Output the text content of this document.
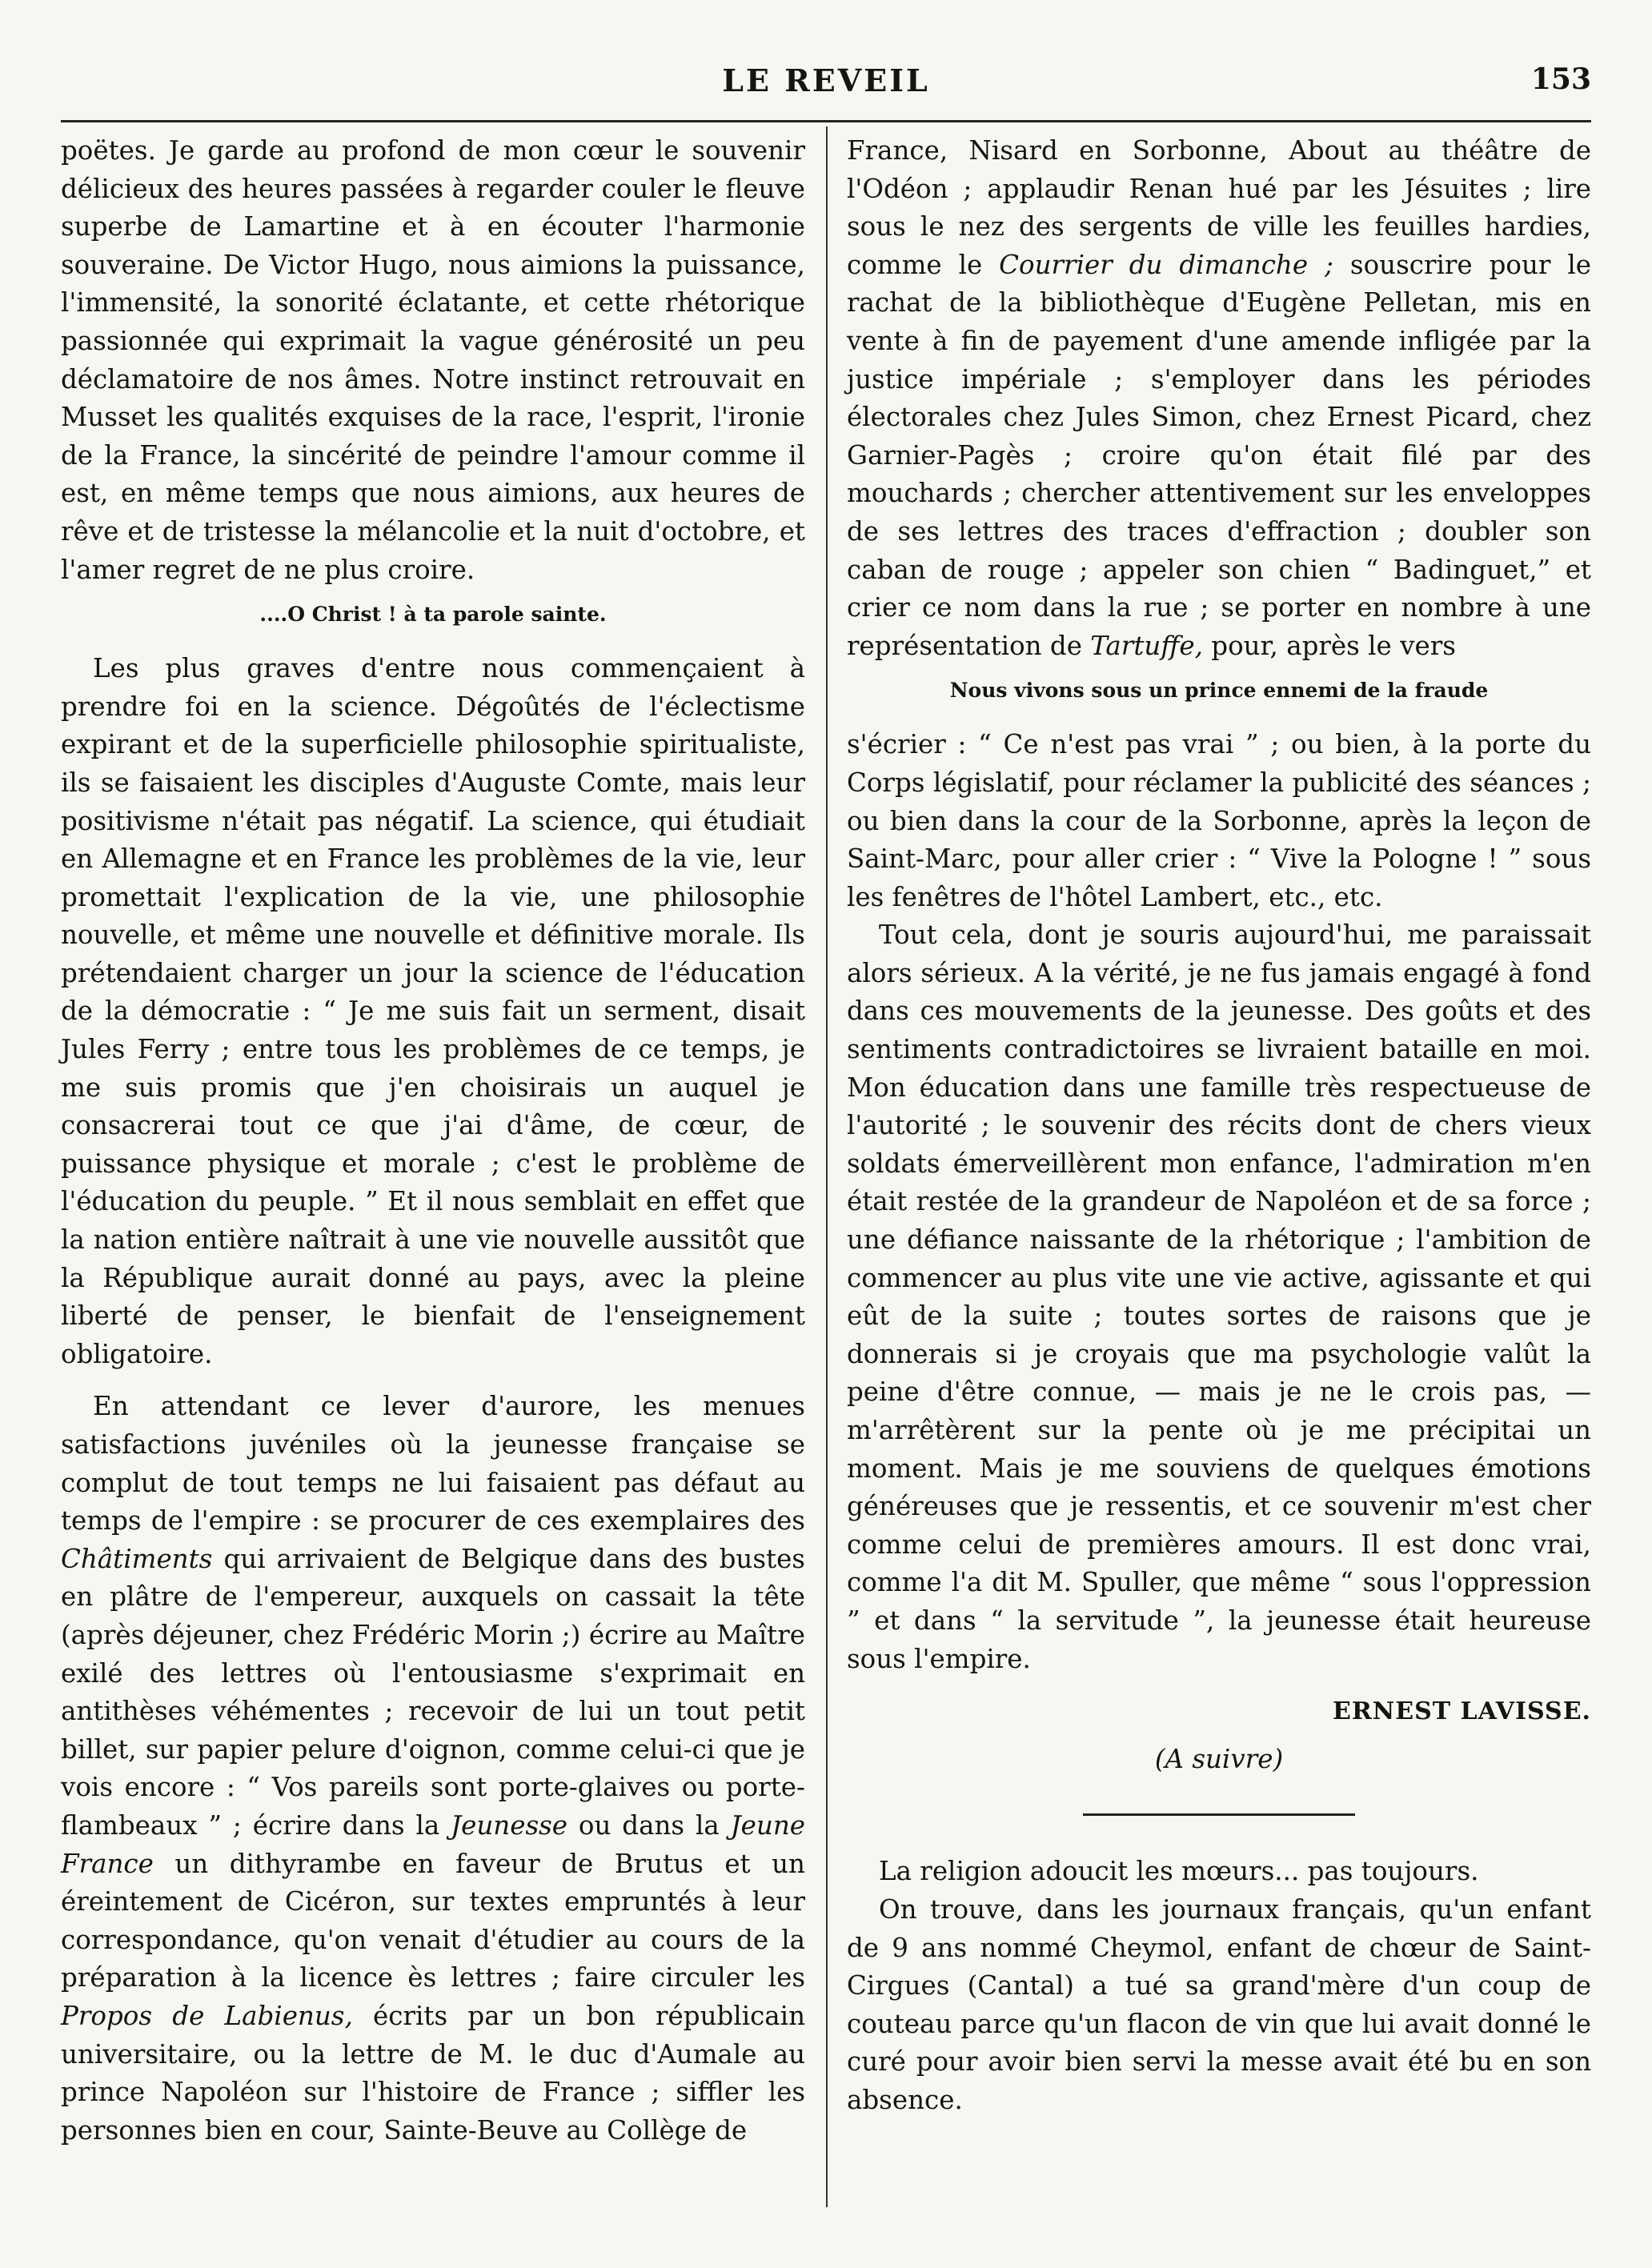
LE REVEIL	153

poëtes. Je garde au profond de mon cœur le souvenir délicieux des heures passées à regarder couler le fleuve superbe de Lamartine et à en écouter l'harmonie souveraine. De Victor Hugo, nous aimions la puissance, l'immensité, la sonorité éclatante, et cette rhétorique passionnée qui exprimait la vague générosité un peu déclamatoire de nos âmes. Notre instinct retrouvait en Musset les qualités exquises de la race, l'esprit, l'ironie de la France, la sincérité de peindre l'amour comme il est, en même temps que nous aimions, aux heures de rêve et de tristesse la mélancolie et la nuit d'octobre, et l'amer regret de ne plus croire.

....O Christ ! à ta parole sainte.

Les plus graves d'entre nous commençaient à prendre foi en la science. Dégoûtés de l'éclectisme expirant et de la superficielle philosophie spiritualiste, ils se faisaient les disciples d'Auguste Comte, mais leur positivisme n'était pas négatif. La science, qui étudiait en Allemagne et en France les problèmes de la vie, leur promettait l'explication de la vie, une philosophie nouvelle, et même une nouvelle et définitive morale. Ils prétendaient charger un jour la science de l'éducation de la démocratie : “ Je me suis fait un serment, disait Jules Ferry ; entre tous les problèmes de ce temps, je me suis promis que j'en choisirais un auquel je consacrerai tout ce que j'ai d'âme, de cœur, de puissance physique et morale ; c'est le problème de l'éducation du peuple. ” Et il nous semblait en effet que la nation entière naîtrait à une vie nouvelle aussitôt que la République aurait donné au pays, avec la pleine liberté de penser, le bienfait de l'enseignement obligatoire.

En attendant ce lever d'aurore, les menues satisfactions juvéniles où la jeunesse française se complut de tout temps ne lui faisaient pas défaut au temps de l'empire : se procurer de ces exemplaires des Châtiments qui arrivaient de Belgique dans des bustes en plâtre de l'empereur, auxquels on cassait la tête (après déjeuner, chez Frédéric Morin ;) écrire au Maître exilé des lettres où l'entousiasme s'exprimait en antithèses véhémentes ; recevoir de lui un tout petit billet, sur papier pelure d'oignon, comme celui-ci que je vois encore : “ Vos pareils sont porte-glaives ou porte-flambeaux ” ; écrire dans la Jeunesse ou dans la Jeune France un dithyrambe en faveur de Brutus et un éreintement de Cicéron, sur textes empruntés à leur correspondance, qu'on venait d'étudier au cours de la préparation à la licence ès lettres ; faire circuler les Propos de Labienus, écrits par un bon républicain universitaire, ou la lettre de M. le duc d'Aumale au prince Napoléon sur l'histoire de France ; siffler les personnes bien en cour, Sainte-Beuve au Collège de

France, Nisard en Sorbonne, About au théâtre de l'Odéon ; applaudir Renan hué par les Jésuites ; lire sous le nez des sergents de ville les feuilles hardies, comme le Courrier du dimanche ; souscrire pour le rachat de la bibliothèque d'Eugène Pelletan, mis en vente à fin de payement d'une amende infligée par la justice impériale ; s'employer dans les périodes électorales chez Jules Simon, chez Ernest Picard, chez Garnier-Pagès ; croire qu'on était filé par des mouchards ; chercher attentivement sur les enveloppes de ses lettres des traces d'effraction ; doubler son caban de rouge ; appeler son chien “ Badinguet,” et crier ce nom dans la rue ; se porter en nombre à une représentation de Tartuffe, pour, après le vers

Nous vivons sous un prince ennemi de la fraude

s'écrier : “ Ce n'est pas vrai ” ; ou bien, à la porte du Corps législatif, pour réclamer la publicité des séances ; ou bien dans la cour de la Sorbonne, après la leçon de Saint-Marc, pour aller crier : “ Vive la Pologne ! ” sous les fenêtres de l'hôtel Lambert, etc., etc.

Tout cela, dont je souris aujourd'hui, me paraissait alors sérieux. A la vérité, je ne fus jamais engagé à fond dans ces mouvements de la jeunesse. Des goûts et des sentiments contradictoires se livraient bataille en moi. Mon éducation dans une famille très respectueuse de l'autorité ; le souvenir des récits dont de chers vieux soldats émerveillèrent mon enfance, l'admiration m'en était restée de la grandeur de Napoléon et de sa force ; une défiance naissante de la rhétorique ; l'ambition de commencer au plus vite une vie active, agissante et qui eût de la suite ; toutes sortes de raisons que je donnerais si je croyais que ma psychologie valût la peine d'être connue, — mais je ne le crois pas, — m'arrêtèrent sur la pente où je me précipitai un moment. Mais je me souviens de quelques émotions généreuses que je ressentis, et ce souvenir m'est cher comme celui de premières amours. Il est donc vrai, comme l'a dit M. Spuller, que même “ sous l'oppression ” et dans “ la servitude ”, la jeunesse était heureuse sous l'empire.

ERNEST LAVISSE.

(A suivre)

La religion adoucit les mœurs... pas toujours.

On trouve, dans les journaux français, qu'un enfant de 9 ans nommé Cheymol, enfant de chœur de Saint-Cirgues (Cantal) a tué sa grand'mère d'un coup de couteau parce qu'un flacon de vin que lui avait donné le curé pour avoir bien servi la messe avait été bu en son absence.
